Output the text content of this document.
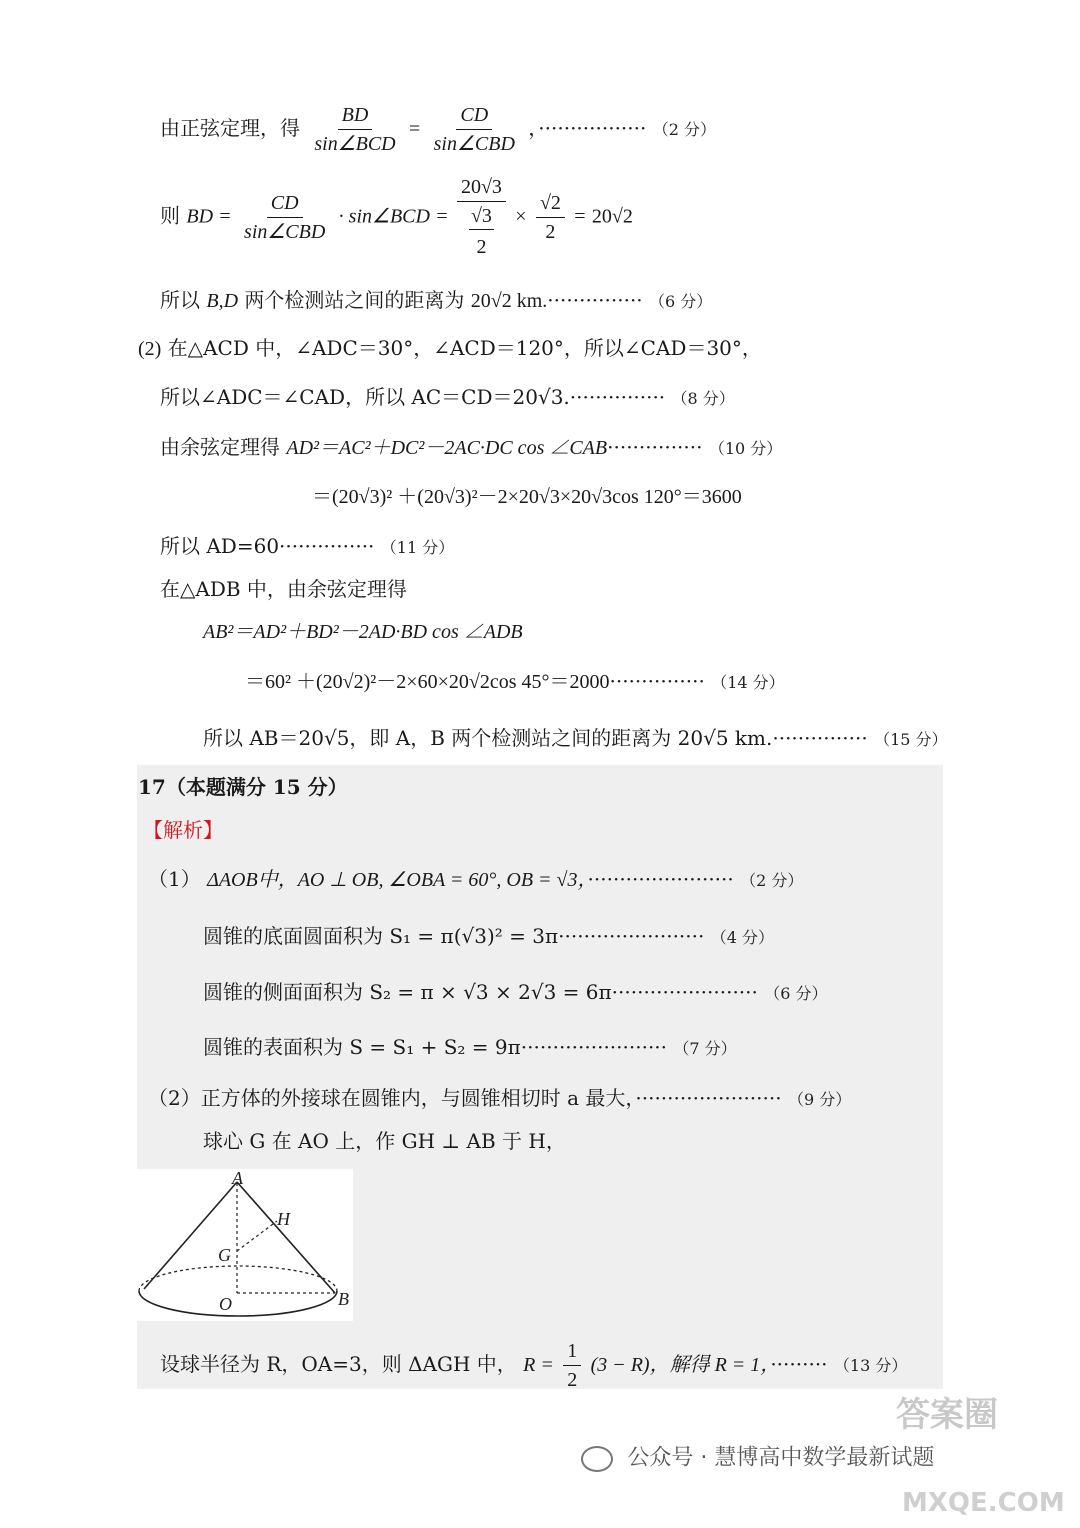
由正弦定理，得 $\frac{BD}{\text{sin∠BCD}} = \frac{CD}{\text{sin∠CBD}}$ ，················· （2 分）
则 BD = $\frac{CD}{\text{sin∠CBD}}$ · sin∠BCD = $\frac{20√3}{\frac{√3}{2}} \times \frac{√2}{2} = 20√2$
所以 B,D 两个检测站之间的距离为 20√2 km.··············· （6 分）
(2) 在△ACD 中，∠ADC＝30°，∠ACD＝120°，所以∠CAD＝30°，
所以∠ADC＝∠CAD，所以 AC＝CD＝20√3.··············· （8 分）
由余弦定理得 AD²＝AC²＋DC²－2AC·DC cos ∠CAB··············· （10 分）
＝(20√3)² ＋(20√3)²－2×20√3×20√3cos 120°＝3600
所以 AD=60··············· （11 分）
在△ADB 中，由余弦定理得
AB²＝AD²＋BD²－2AD·BD cos ∠ADB
＝60² ＋(20√2)²－2×60×20√2cos 45°＝2000··············· （14 分）
所以 AB＝20√5，即 A，B 两个检测站之间的距离为 20√5 km.··············· （15 分）
17（本题满分 15 分）
【解析】
（1） ΔAOB中，AO ⊥ OB, ∠OBA = 60°, OB = √3，······················· （2 分）
圆锥的底面圆面积为 S₁ = π(√3)² = 3π······················· （4 分）
圆锥的侧面面积为 S₂ = π × √3 × 2√3 = 6π······················· （6 分）
圆锥的表面积为 S = S₁ + S₂ = 9π······················· （7 分）
（2）正方体的外接球在圆锥内，与圆锥相切时 a 最大，······················· （9 分）
球心 G 在 AO 上，作 GH ⊥ AB 于 H，
A
H
G
O	B
设球半径为 R，OA=3，则 ΔAGH 中， $R = \frac{1}{2} (3 - R)$，解得 R = 1，········· （13 分）
公众号 · 慧博高中数学最新试题
答案圈
MXQE.COM
